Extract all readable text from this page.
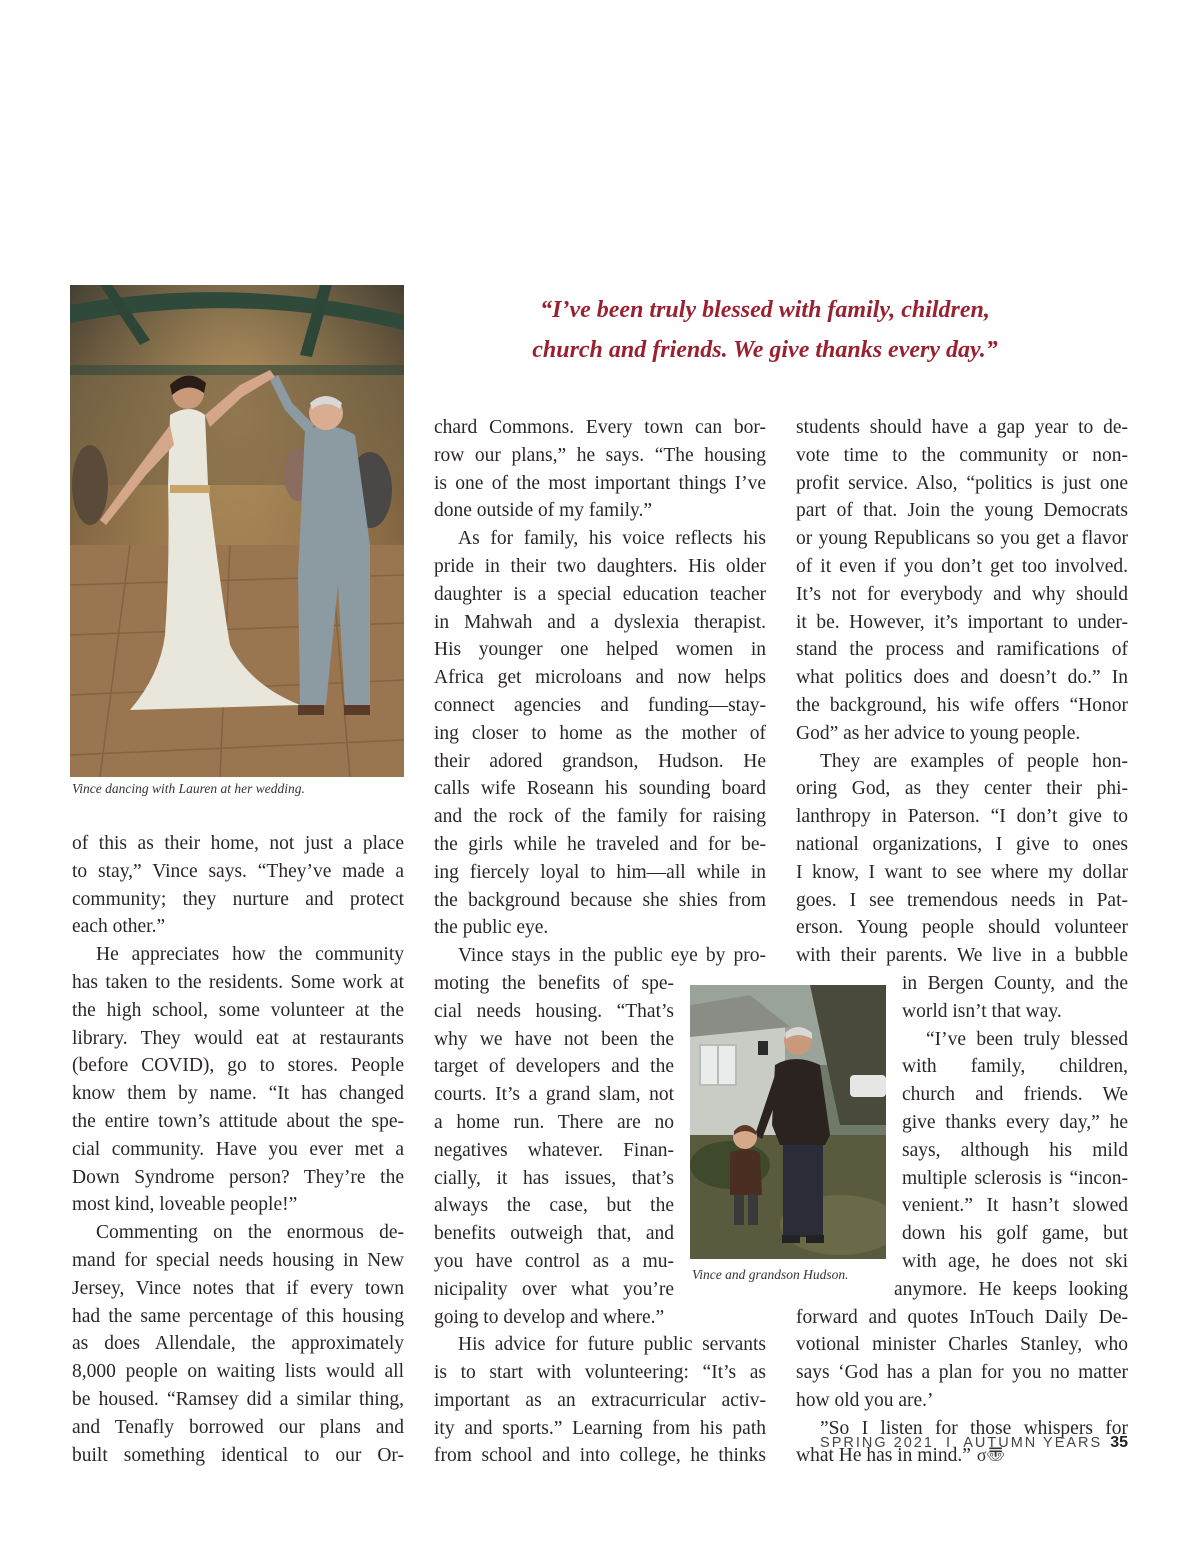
Vince dancing with Lauren at her wedding.
“I’ve been truly blessed with family, children,
church and friends. We give thanks every day.”
of this as their home, not just a place
to stay,” Vince says. “They’ve made a
community; they nurture and protect
each other.”
He appreciates how the community
has taken to the residents. Some work at
the high school, some volunteer at the
library. They would eat at restaurants
(before COVID), go to stores. People
know them by name. “It has changed
the entire town’s attitude about the spe-
cial community. Have you ever met a
Down Syndrome person? They’re the
most kind, loveable people!”
Commenting on the enormous de-
mand for special needs housing in New
Jersey, Vince notes that if every town
had the same percentage of this housing
as does Allendale, the approximately
8,000 people on waiting lists would all
be housed. “Ramsey did a similar thing,
and Tenafly borrowed our plans and
built something identical to our Or-
chard Commons. Every town can bor-
row our plans,” he says. “The housing
is one of the most important things I’ve
done outside of my family.”
As for family, his voice reflects his
pride in their two daughters. His older
daughter is a special education teacher
in Mahwah and a dyslexia therapist.
His younger one helped women in
Africa get microloans and now helps
connect agencies and funding—stay-
ing closer to home as the mother of
their adored grandson, Hudson. He
calls wife Roseann his sounding board
and the rock of the family for raising
the girls while he traveled and for be-
ing fiercely loyal to him—all while in
the background because she shies from
the public eye.
Vince stays in the public eye by pro-
moting the benefits of spe-
cial needs housing. “That’s
why we have not been the
target of developers and the
courts. It’s a grand slam, not
a home run. There are no
negatives whatever. Finan-
cially, it has issues, that’s
always the case, but the
benefits outweigh that, and
you have control as a mu-
nicipality over what you’re
going to develop and where.”
His advice for future public servants
is to start with volunteering: “It’s as
important as an extracurricular activ-
ity and sports.” Learning from his path
from school and into college, he thinks
Vince and grandson Hudson.
students should have a gap year to de-
vote time to the community or non-
profit service. Also, “politics is just one
part of that. Join the young Democrats
or young Republicans so you get a flavor
of it even if you don’t get too involved.
It’s not for everybody and why should
it be. However, it’s important to under-
stand the process and ramifications of
what politics does and doesn’t do.” In
the background, his wife offers “Honor
God” as her advice to young people.
They are examples of people hon-
oring God, as they center their phi-
lanthropy in Paterson. “I don’t give to
national organizations, I give to ones
I know, I want to see where my dollar
goes. I see tremendous needs in Pat-
erson. Young people should volunteer
with their parents. We live in a bubble
in Bergen County, and the
world isn’t that way.
“I’ve been truly blessed
with family, children,
church and friends. We
give thanks every day,” he
says, although his mild
multiple sclerosis is “incon-
venient.” It hasn’t slowed
down his golf game, but
with age, he does not ski
anymore. He keeps looking
forward and quotes InTouch Daily De-
votional minister Charles Stanley, who
says ‘God has a plan for you no matter
how old you are.’
”So I listen for those whispers for
what He has in mind.” σ〠
SPRING 2021  I  AUTUMN YEARS 35
